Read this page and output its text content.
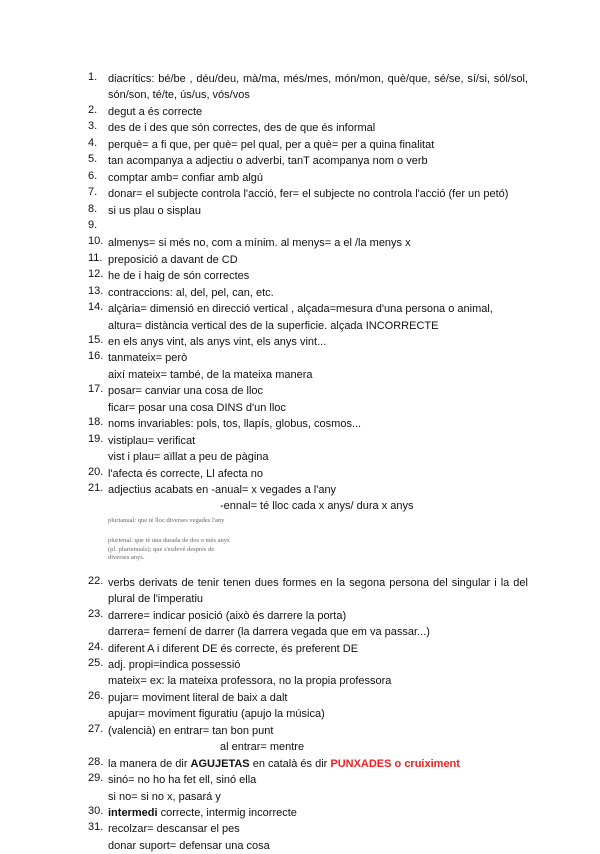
1. diacrítics: bé/be , déu/deu, mà/ma, més/mes, món/mon, què/que, sé/se, sí/si, sól/sol,
són/son, té/te, ús/us, vós/vos
2. degut a és correcte
3. des de i des que són correctes, des de que és informal
4. perquè= a fi que, per què= pel qual, per a què= per a quina finalitat
5. tan acompanya a adjectiu o adverbi, tanT acompanya nom o verb
6. comptar amb= confiar amb algú
7. donar= el subjecte controla l'acció, fer= el subjecte no controla l'acció (fer un petó)
8. si us plau o sisplau
9.
10. almenys= si més no, com a mínim. al menys= a el /la menys x
11. preposició a davant de CD
12. he de i haig de són correctes
13. contraccions: al, del, pel, can, etc.
14. alçària= dimensió en direcció vertical , alçada=mesura d'una persona o animal,
altura= distància vertical des de la superficie. alçada INCORRECTE
15. en els anys vint, als anys vint, els anys vint...
16. tanmateix= però
així mateix= també, de la mateixa manera
17. posar= canviar una cosa de lloc
ficar= posar una cosa DINS d'un lloc
18. noms invariables: pols, tos, llapís, globus, cosmos...
19. vistiplau= verificat
vist i plau= aïllat a peu de pàgina
20. l'afecta és correcte, Ll afecta no
21. adjectius acabats en -anual= x vegades a l'any
-ennal= té lloc cada x anys/ dura x anys
plurianual: que té lloc diverses vegades l'any
plurienal: que té una durada de dos o més anys
(pl. pluriennals); que s'esdevé després de
diverses anys.
22. verbs derivats de tenir tenen dues formes en la segona persona del singular i la del
plural de l'imperatiu
23. darrere= indicar posició (això és darrere la porta)
darrera= femení de darrer (la darrera vegada que em va passar...)
24. diferent A i diferent DE és correcte, és preferent DE
25. adj. propi=indica possessió
mateix= ex: la mateixa professora, no la propia professora
26. pujar= moviment literal de baix a dalt
apujar= moviment figuratiu (apujo la música)
27. (valencià) en entrar= tan bon punt
al entrar= mentre
28. la manera de dir AGUJETAS en català és dir PUNXADES o cruiximent
29. sinó= no ho ha fet ell, sinó ella
si no= si no x, pasará y
30. intermedi correcte, intermig incorrecte
31. recolzar= descansar el pes
donar suport= defensar una cosa
